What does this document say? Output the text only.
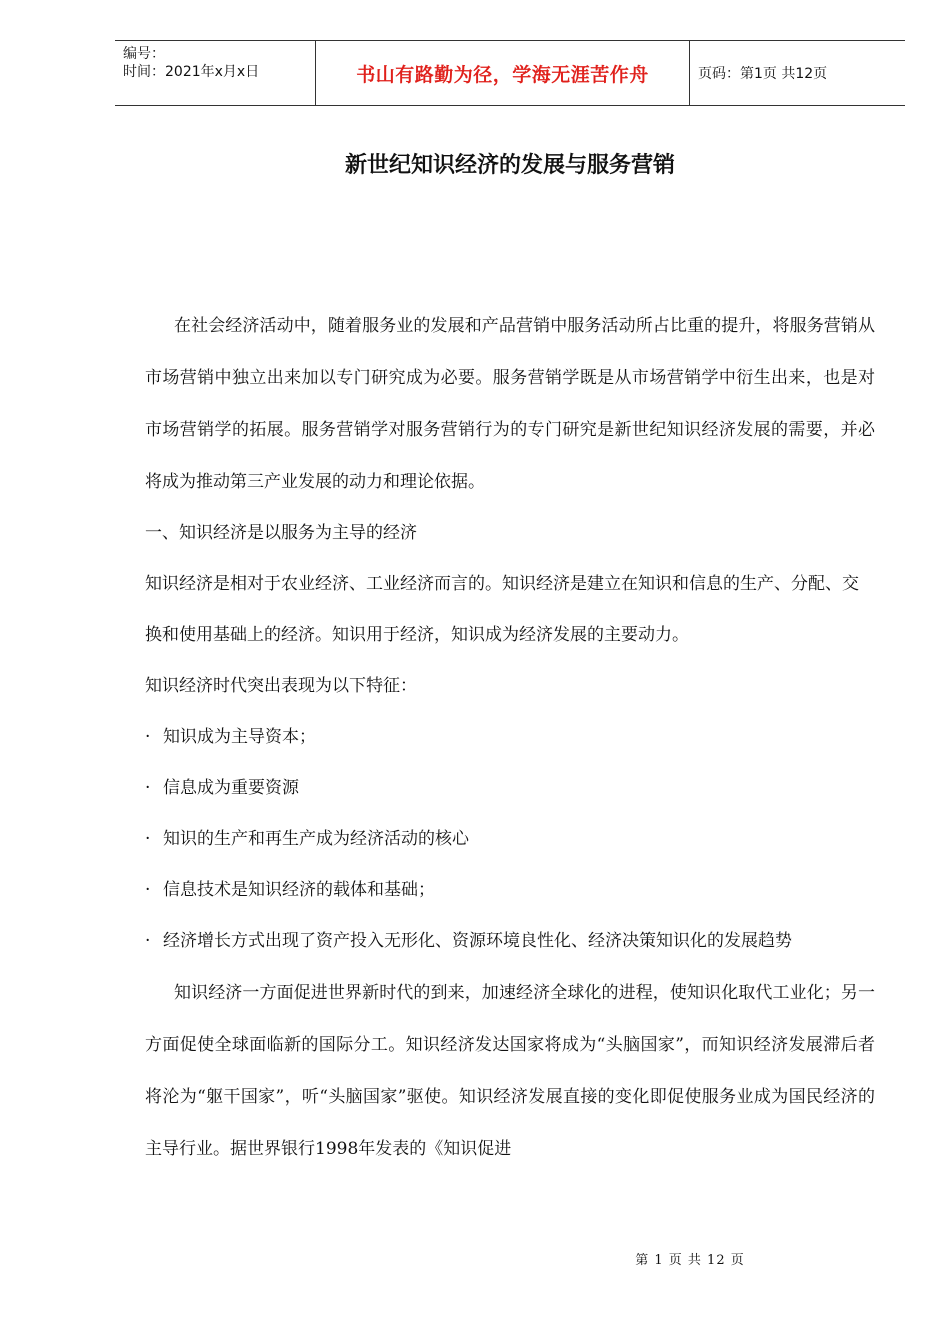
编号：
时间：2021年x月x日	书山有路勤为径，学海无涯苦作舟	页码：第1页 共12页
新世纪知识经济的发展与服务营销

在社会经济活动中，随着服务业的发展和产品营销中服务活动所占比重的提升，将服务营销从市场营销中独立出来加以专门研究成为必要。服务营销学既是从市场营销学中衍生出来，也是对市场营销学的拓展。服务营销学对服务营销行为的专门研究是新世纪知识经济发展的需要，并必将成为推动第三产业发展的动力和理论依据。

一、知识经济是以服务为主导的经济

知识经济是相对于农业经济、工业经济而言的。知识经济是建立在知识和信息的生产、分配、交换和使用基础上的经济。知识用于经济，知识成为经济发展的主要动力。

知识经济时代突出表现为以下特征：

· 知识成为主导资本；

· 信息成为重要资源

· 知识的生产和再生产成为经济活动的核心

· 信息技术是知识经济的载体和基础；

· 经济增长方式出现了资产投入无形化、资源环境良性化、经济决策知识化的发展趋势

知识经济一方面促进世界新时代的到来，加速经济全球化的进程，使知识化取代工业化；另一方面促使全球面临新的国际分工。知识经济发达国家将成为“头脑国家”，而知识经济发展滞后者将沦为“躯干国家”，听“头脑国家”驱使。知识经济发展直接的变化即促使服务业成为国民经济的主导行业。据世界银行1998年发表的《知识促进

第 1 页 共 12 页
